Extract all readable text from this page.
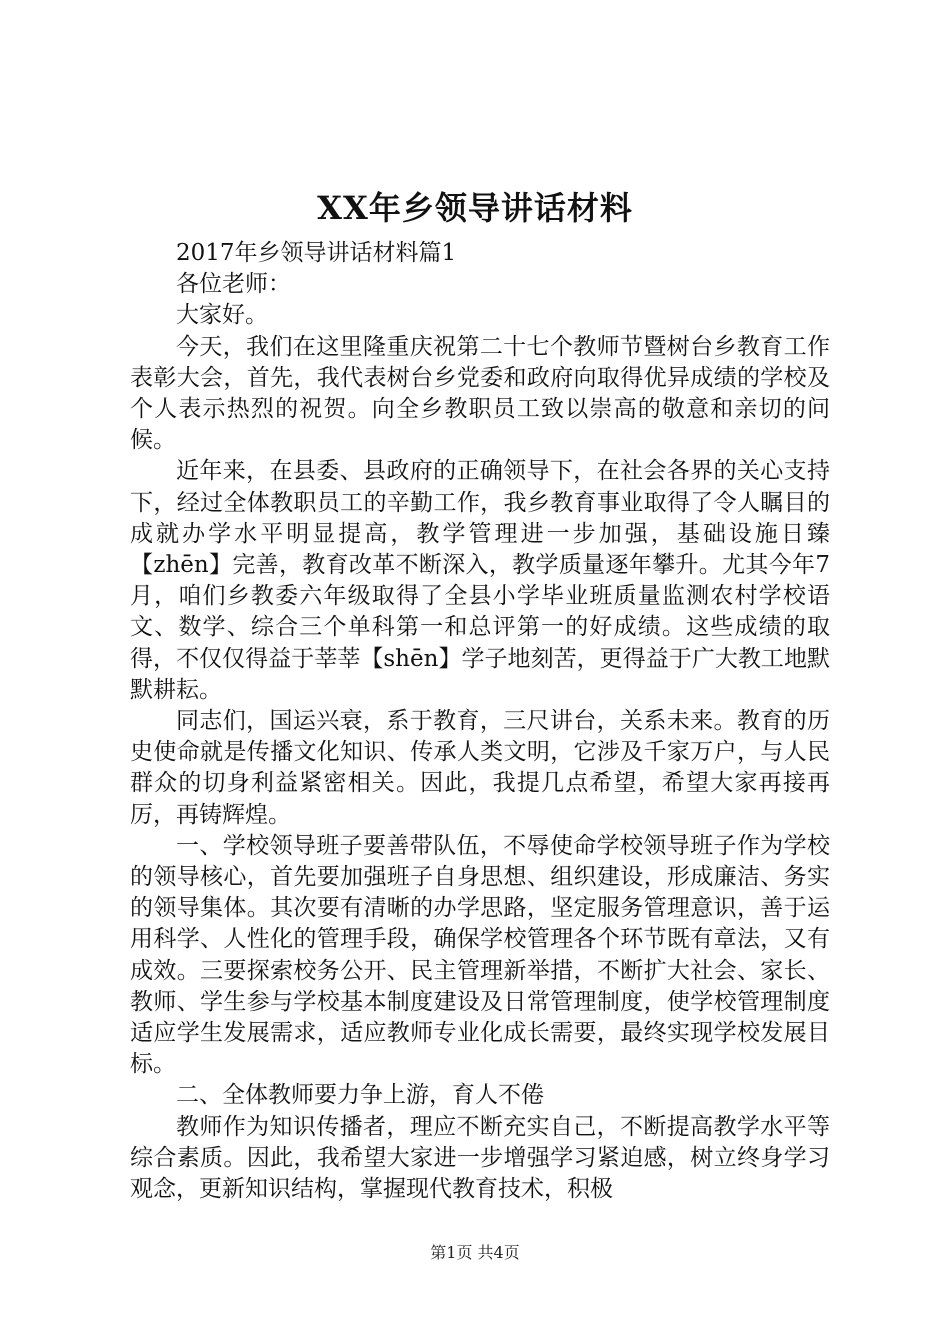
XX年乡领导讲话材料

2017年乡领导讲话材料篇1

各位老师：

大家好。

今天，我们在这里隆重庆祝第二十七个教师节暨树台乡教育工作表彰大会，首先，我代表树台乡党委和政府向取得优异成绩的学校及个人表示热烈的祝贺。向全乡教职员工致以崇高的敬意和亲切的问候。

近年来，在县委、县政府的正确领导下，在社会各界的关心支持下，经过全体教职员工的辛勤工作，我乡教育事业取得了令人瞩目的成就办学水平明显提高，教学管理进一步加强，基础设施日臻【zhēn】完善，教育改革不断深入，教学质量逐年攀升。尤其今年7月，咱们乡教委六年级取得了全县小学毕业班质量监测农村学校语文、数学、综合三个单科第一和总评第一的好成绩。这些成绩的取得，不仅仅得益于莘莘【shēn】学子地刻苦，更得益于广大教工地默默耕耘。

同志们，国运兴衰，系于教育，三尺讲台，关系未来。教育的历史使命就是传播文化知识、传承人类文明，它涉及千家万户，与人民群众的切身利益紧密相关。因此，我提几点希望，希望大家再接再厉，再铸辉煌。

一、学校领导班子要善带队伍，不辱使命学校领导班子作为学校的领导核心，首先要加强班子自身思想、组织建设，形成廉洁、务实的领导集体。其次要有清晰的办学思路，坚定服务管理意识，善于运用科学、人性化的管理手段，确保学校管理各个环节既有章法，又有成效。三要探索校务公开、民主管理新举措，不断扩大社会、家长、教师、学生参与学校基本制度建设及日常管理制度，使学校管理制度适应学生发展需求，适应教师专业化成长需要，最终实现学校发展目标。

二、全体教师要力争上游，育人不倦

教师作为知识传播者，理应不断充实自己，不断提高教学水平等综合素质。因此，我希望大家进一步增强学习紧迫感，树立终身学习观念，更新知识结构，掌握现代教育技术，积极

第1页 共4页
